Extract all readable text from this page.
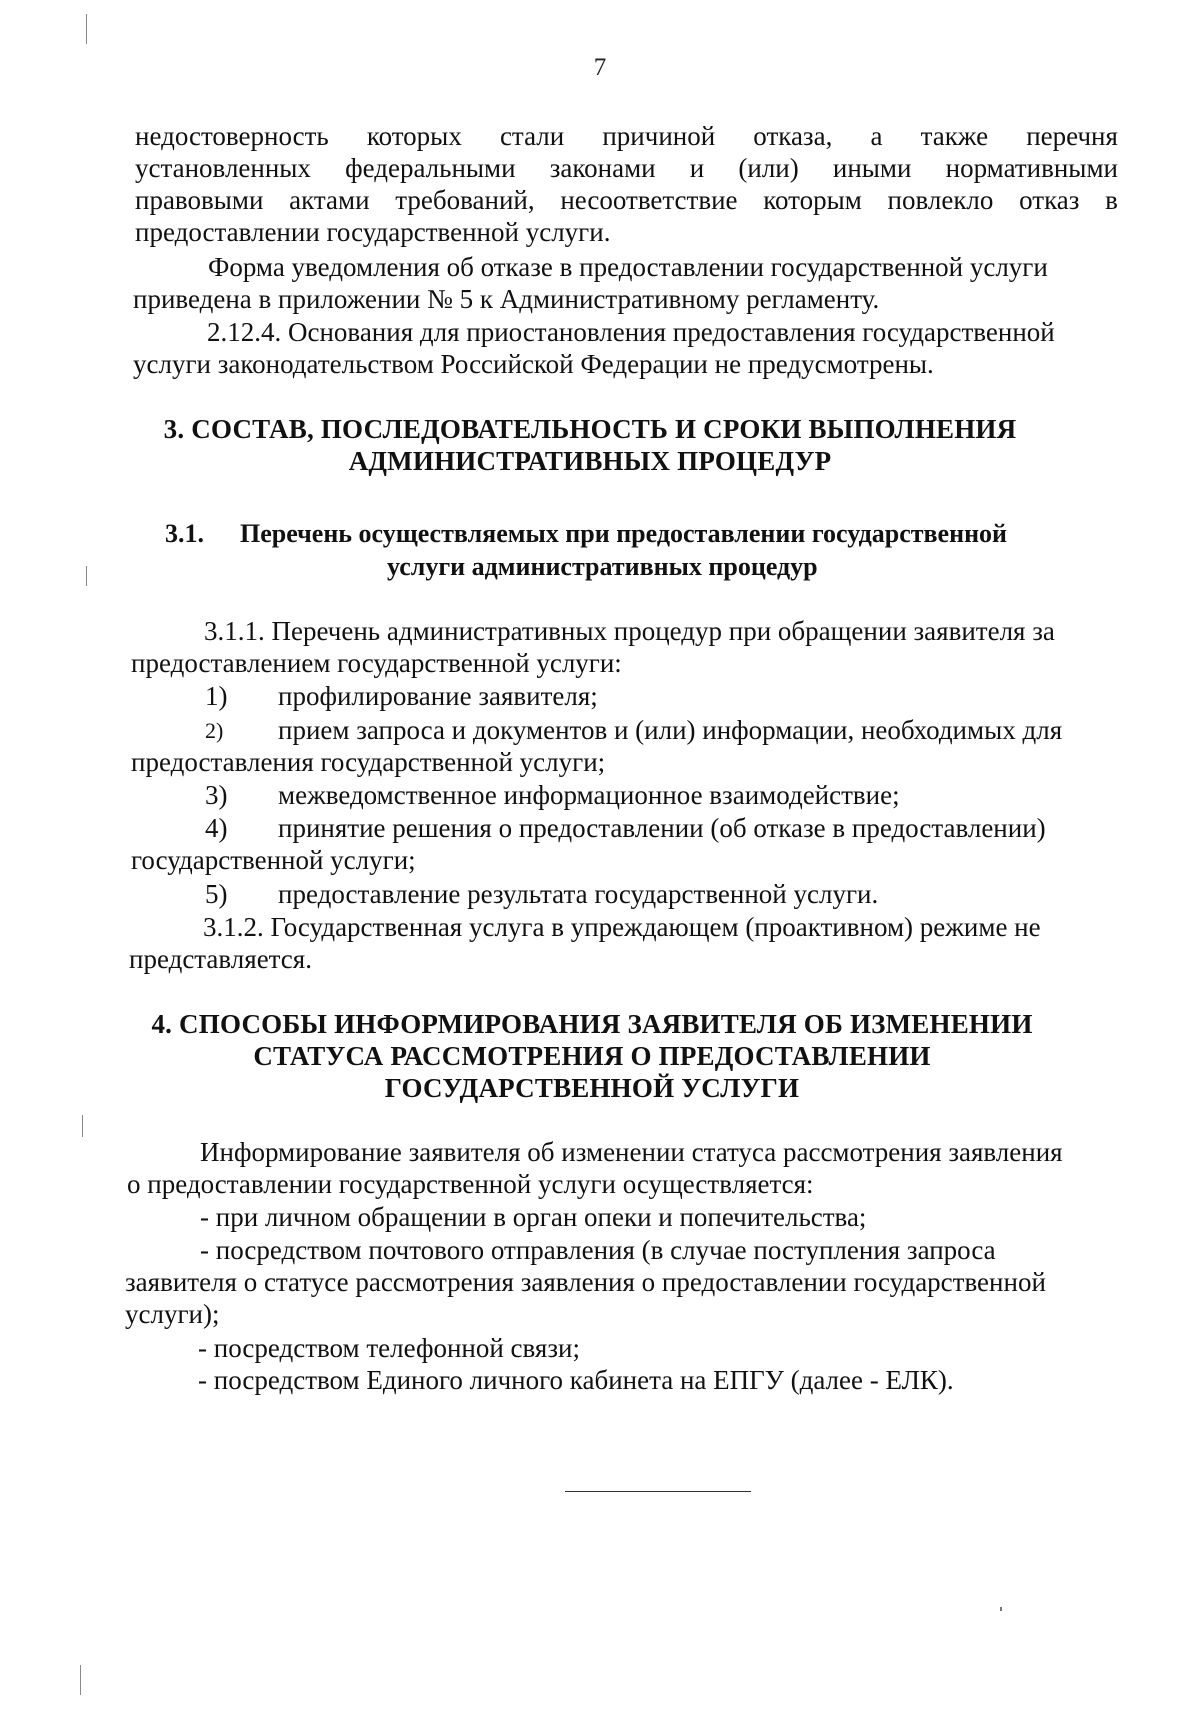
7
недостоверность которых стали причиной отказа, а также перечня
установленных федеральными законами и (или) иными нормативными
правовыми актами требований, несоответствие которым повлекло отказ в
предоставлении государственной услуги.
Форма уведомления об отказе в предоставлении государственной услуги
приведена в приложении № 5 к Административному регламенту.
2.12.4. Основания для приостановления предоставления государственной
услуги законодательством Российской Федерации не предусмотрены.
3. СОСТАВ, ПОСЛЕДОВАТЕЛЬНОСТЬ И СРОКИ ВЫПОЛНЕНИЯ
АДМИНИСТРАТИВНЫХ ПРОЦЕДУР
3.1. Перечень осуществляемых при предоставлении государственной
услуги административных процедур
3.1.1. Перечень административных процедур при обращении заявителя за
предоставлением государственной услуги:
1) профилирование заявителя;
2) прием запроса и документов и (или) информации, необходимых для
предоставления государственной услуги;
3) межведомственное информационное взаимодействие;
4) принятие решения о предоставлении (об отказе в предоставлении)
государственной услуги;
5) предоставление результата государственной услуги.
3.1.2. Государственная услуга в упреждающем (проактивном) режиме не
представляется.
4. СПОСОБЫ ИНФОРМИРОВАНИЯ ЗАЯВИТЕЛЯ ОБ ИЗМЕНЕНИИ
СТАТУСА РАССМОТРЕНИЯ О ПРЕДОСТАВЛЕНИИ
ГОСУДАРСТВЕННОЙ УСЛУГИ
Информирование заявителя об изменении статуса рассмотрения заявления
о предоставлении государственной услуги осуществляется:
- при личном обращении в орган опеки и попечительства;
- посредством почтового отправления (в случае поступления запроса
заявителя о статусе рассмотрения заявления о предоставлении государственной
услуги);
- посредством телефонной связи;
- посредством Единого личного кабинета на ЕПГУ (далее - ЕЛК).
